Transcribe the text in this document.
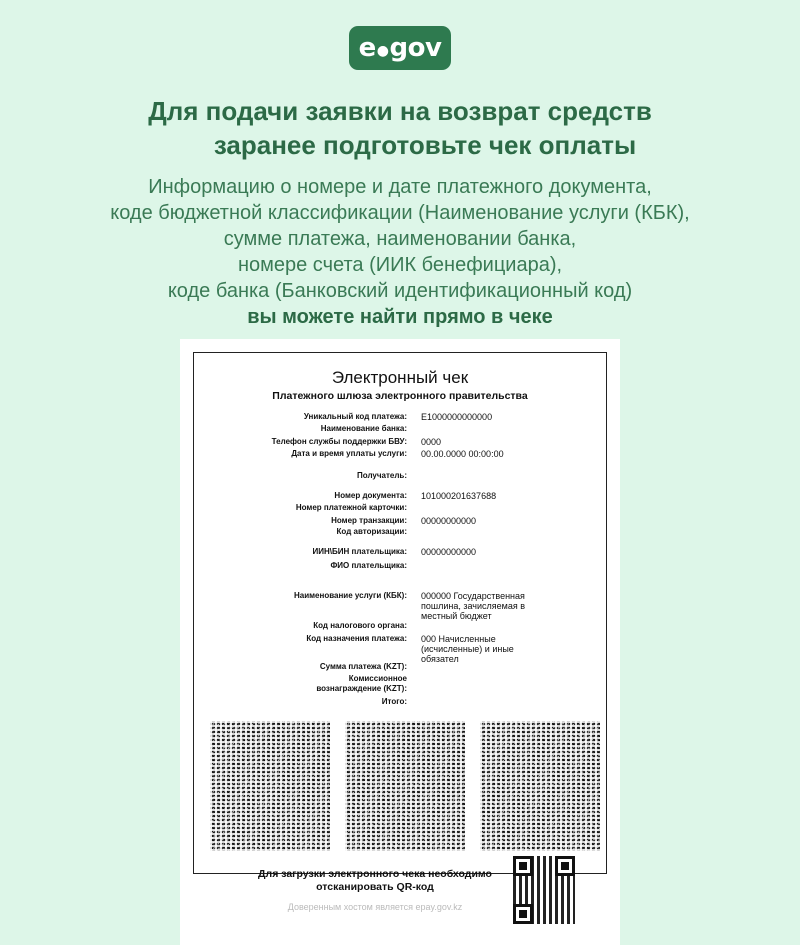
e ● gov
Для подачи заявки на возврат средств
заранее подготовьте чек оплаты
Информацию о номере и дате платежного документа,
коде бюджетной классификации (Наименование услуги (КБК),
сумме платежа, наименовании банка,
номере счета (ИИК бенефициара),
коде банка (Банковский идентификационный код)
вы можете найти прямо в чеке
Электронный чек
Платежного шлюза электронного правительства
Уникальный код платежа: E1000000000000
Наименование банка:
Телефон службы поддержки БВУ: 0000
Дата и время уплаты услуги: 00.00.0000 00:00:00
Получатель:
Номер документа: 101000201637688
Номер платежной карточки:
Номер транзакции: 00000000000
Код авторизации:
ИИН\БИН плательщика: 00000000000
ФИО плательщика:
Наименование услуги (КБК): 000000 Государственная
пошлина, зачисляемая в
местный бюджет
Код налогового органа:
Код назначения платежа: 000 Начисленные
(исчисленные) и иные обязател
Сумма платежа (KZT):
Комиссионное
вознаграждение (KZT):
Итого:
Для загрузки электронного чека необходимо
отсканировать QR-код
Доверенным хостом является epay.gov.kz
